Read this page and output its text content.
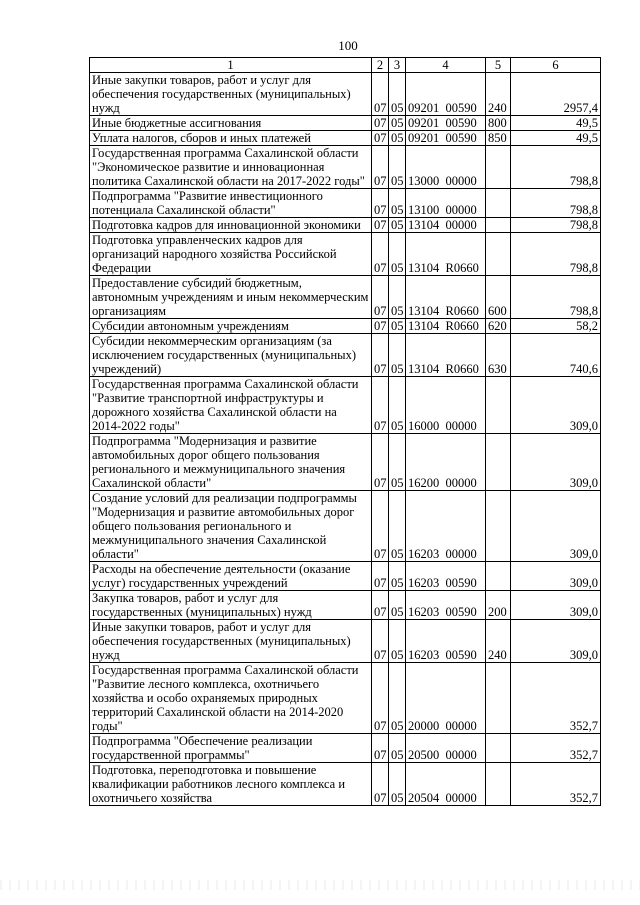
100
1	2	3	4	5	6
Иные закупки товаров, работ и услуг для
обеспечения государственных (муниципальных)
нужд	07	05	09201  00590	240	2957,4
Иные бюджетные ассигнования	07	05	09201  00590	800	49,5
Уплата налогов, сборов и иных платежей	07	05	09201  00590	850	49,5
Государственная программа Сахалинской области
"Экономическое развитие и инновационная
политика Сахалинской области на 2017-2022 годы"	07	05	13000  00000		798,8
Подпрограмма "Развитие инвестиционного
потенциала Сахалинской области"	07	05	13100  00000		798,8
Подготовка кадров для инновационной экономики	07	05	13104  00000		798,8
Подготовка управленческих кадров для
организаций народного хозяйства Российской
Федерации	07	05	13104  R0660		798,8
Предоставление субсидий бюджетным,
автономным учреждениям и иным некоммерческим
организациям	07	05	13104  R0660	600	798,8
Субсидии автономным учреждениям	07	05	13104  R0660	620	58,2
Субсидии некоммерческим организациям (за
исключением государственных (муниципальных)
учреждений)	07	05	13104  R0660	630	740,6
Государственная программа Сахалинской области
"Развитие транспортной инфраструктуры и
дорожного хозяйства Сахалинской области на
2014-2022 годы"	07	05	16000  00000		309,0
Подпрограмма "Модернизация и развитие
автомобильных дорог общего пользования
регионального и межмуниципального значения
Сахалинской области"	07	05	16200  00000		309,0
Создание условий для реализации подпрограммы
"Модернизация и развитие автомобильных дорог
общего пользования регионального и
межмуниципального значения Сахалинской
области"	07	05	16203  00000		309,0
Расходы на обеспечение деятельности (оказание
услуг) государственных учреждений	07	05	16203  00590		309,0
Закупка товаров, работ и услуг для
государственных (муниципальных) нужд	07	05	16203  00590	200	309,0
Иные закупки товаров, работ и услуг для
обеспечения государственных (муниципальных)
нужд	07	05	16203  00590	240	309,0
Государственная программа Сахалинской области
"Развитие лесного комплекса, охотничьего
хозяйства и особо охраняемых природных
территорий Сахалинской области на 2014-2020
годы"	07	05	20000  00000		352,7
Подпрограмма "Обеспечение реализации
государственной программы"	07	05	20500  00000		352,7
Подготовка, переподготовка и повышение
квалификации работников лесного комплекса и
охотничьего хозяйства	07	05	20504  00000		352,7
